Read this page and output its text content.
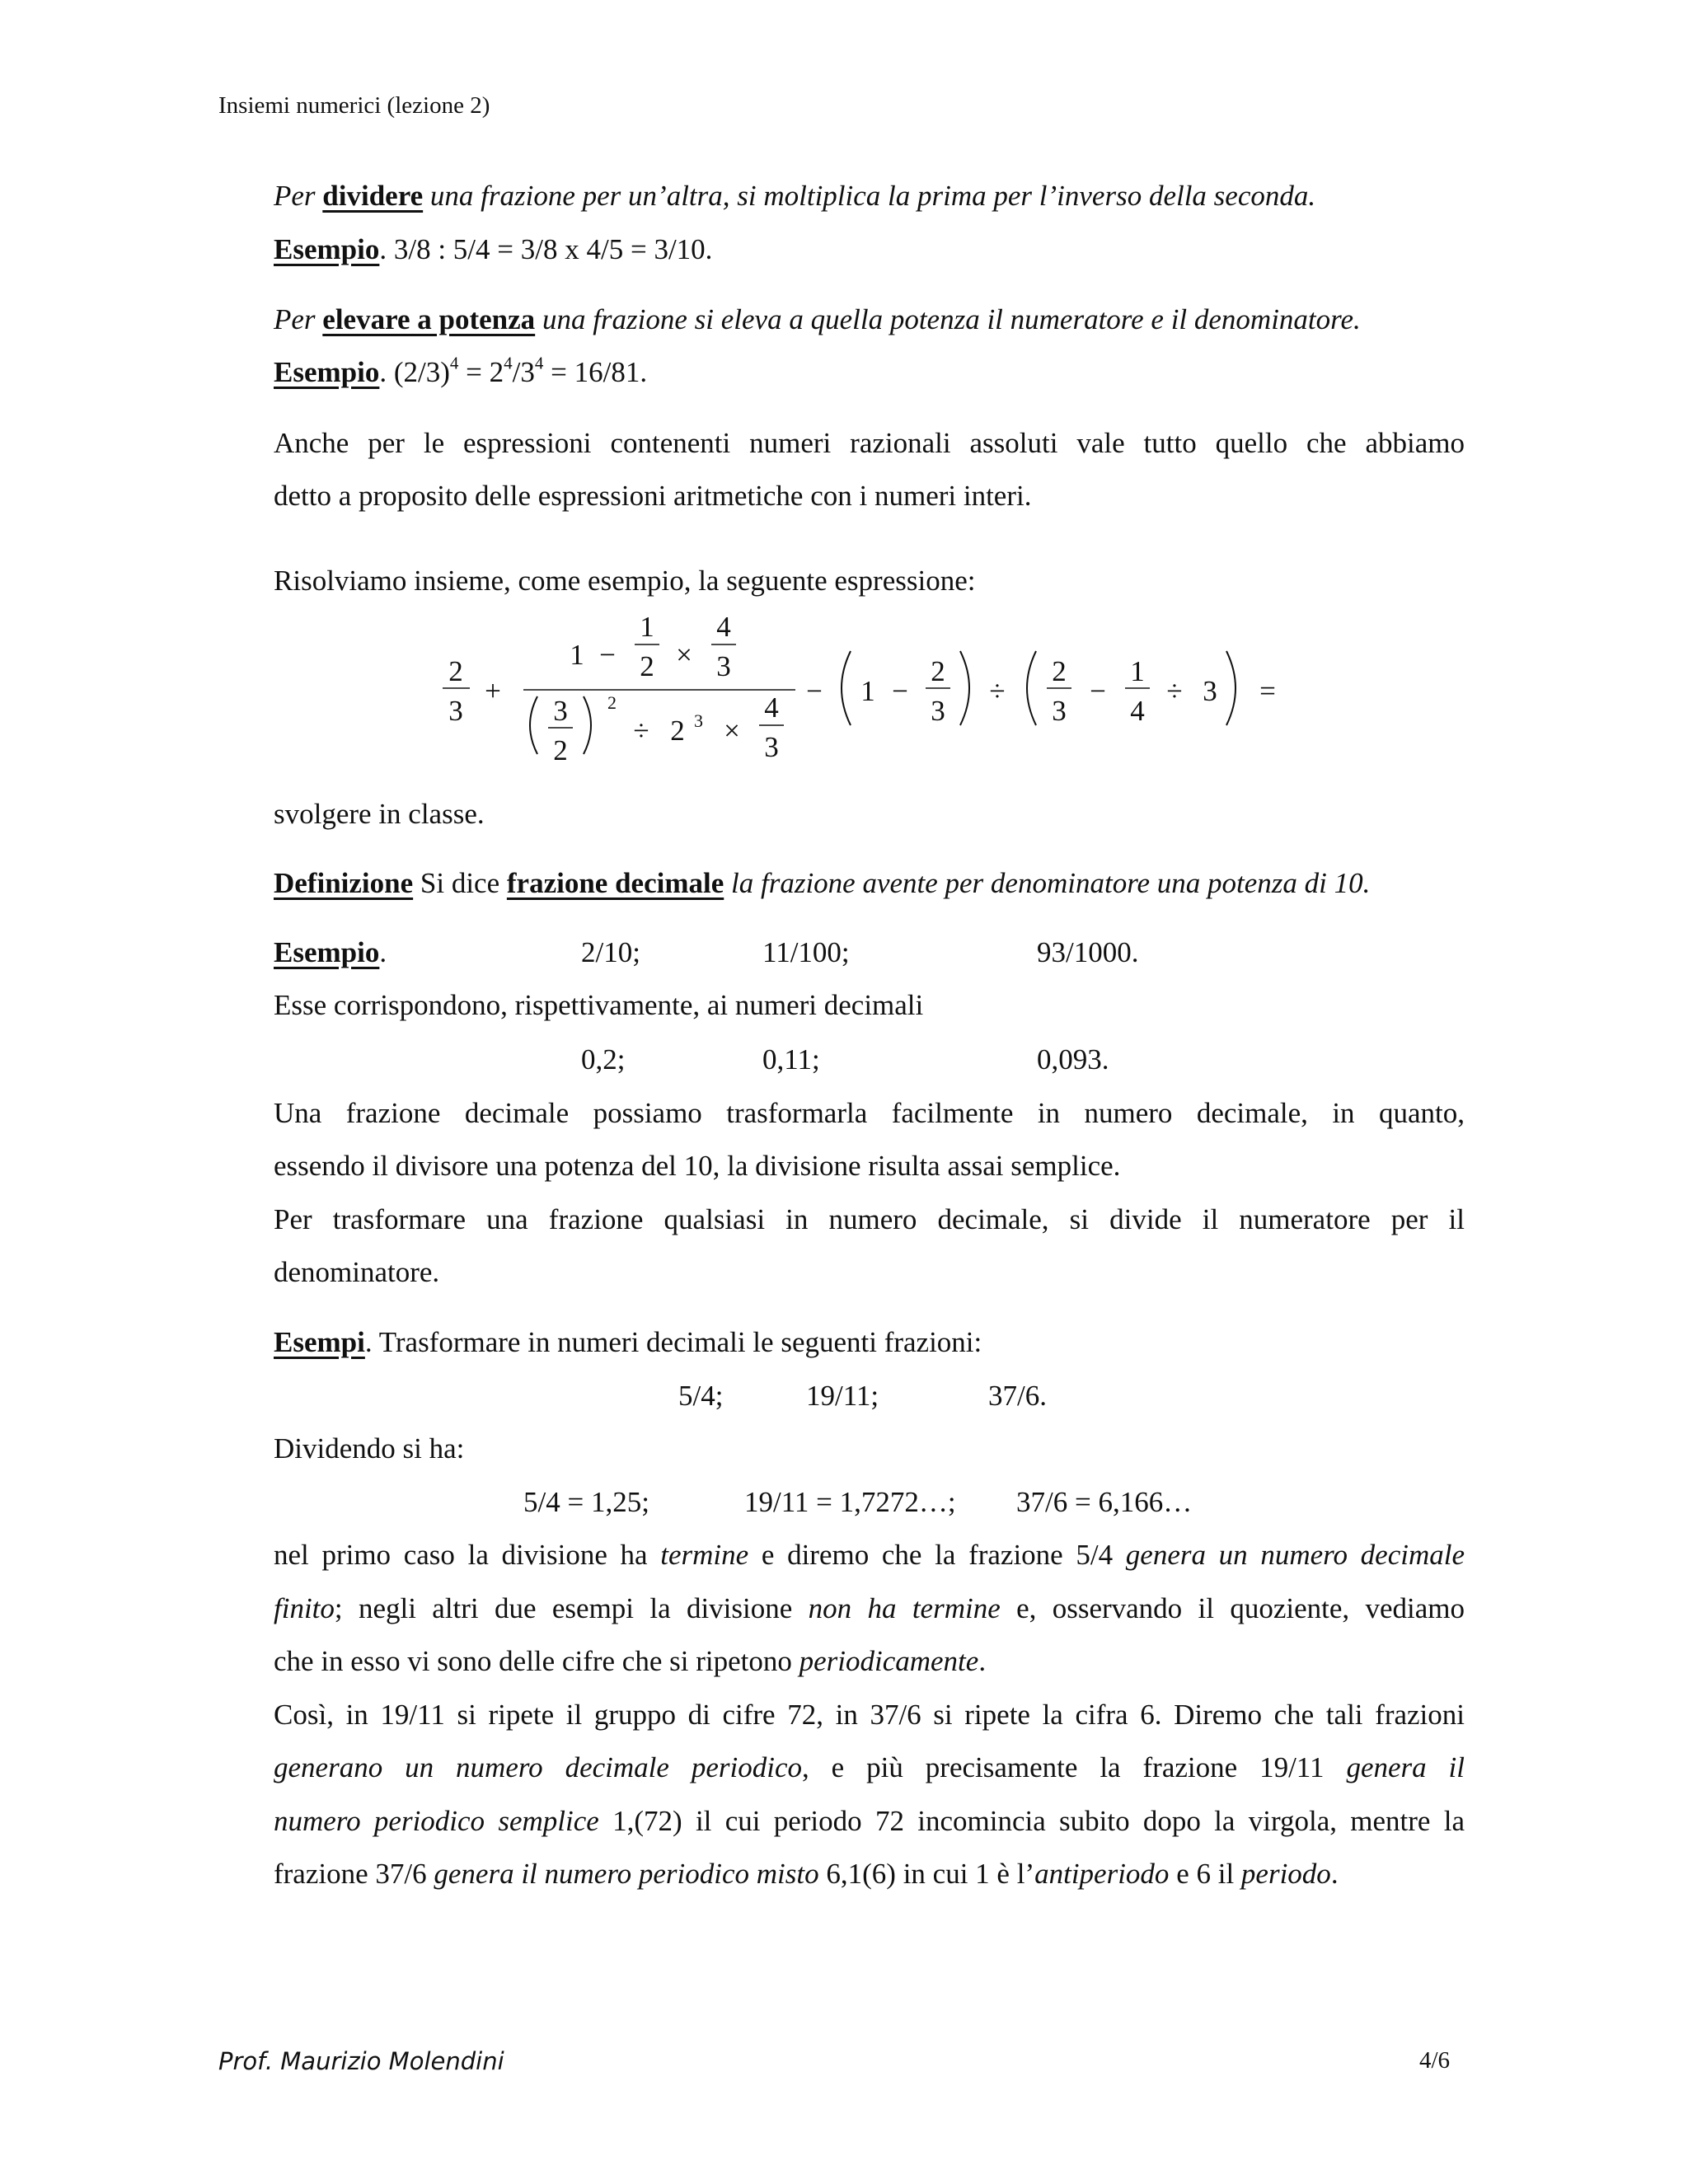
Insiemi numerici (lezione 2)
Per dividere una frazione per un’altra, si moltiplica la prima per l’inverso della seconda.
Esempio. 3/8 : 5/4 = 3/8 x 4/5 = 3/10.
Per elevare a potenza una frazione si eleva a quella potenza il numeratore e il denominatore.
Esempio. $(2/3)^4 = 2^4/3^4 = 16/81$.
Anche per le espressioni contenenti numeri razionali assoluti vale tutto quello che abbiamo
detto a proposito delle espressioni aritmetiche con i numeri interi.
Risolviamo insieme, come esempio, la seguente espressione:
2
3
+
1 −
1
2 ×
4
3
3
2
2
÷ 2 3 ×
4
3
− 1 −
2
3
÷
2
3
−
1
4
÷ 3 =
svolgere in classe.
Definizione Si dice frazione decimale la frazione avente per denominatore una potenza di 10.
Esempio.	2/10;	11/100;	93/1000.
Esse corrispondono, rispettivamente, ai numeri decimali
0,2;	0,11;	0,093.
Una frazione decimale possiamo trasformarla facilmente in numero decimale, in quanto,
essendo il divisore una potenza del 10, la divisione risulta assai semplice.
Per trasformare una frazione qualsiasi in numero decimale, si divide il numeratore per il
denominatore.
Esempi. Trasformare in numeri decimali le seguenti frazioni:
5/4;	19/11;	37/6.
Dividendo si ha:
5/4 = 1,25;	19/11 = 1,7272…; 37/6 = 6,166…
nel primo caso la divisione ha termine e diremo che la frazione 5/4 genera un numero decimale
finito; negli altri due esempi la divisione non ha termine e, osservando il quoziente, vediamo
che in esso vi sono delle cifre che si ripetono periodicamente.
Così, in 19/11 si ripete il gruppo di cifre 72, in 37/6 si ripete la cifra 6. Diremo che tali frazioni
generano un numero decimale periodico, e più precisamente la frazione 19/11 genera il
numero periodico semplice 1,(72) il cui periodo 72 incomincia subito dopo la virgola, mentre la
frazione 37/6 genera il numero periodico misto 6,1(6) in cui 1 è l’antiperiodo e 6 il periodo.
Prof. Maurizio Molendini	4/6
